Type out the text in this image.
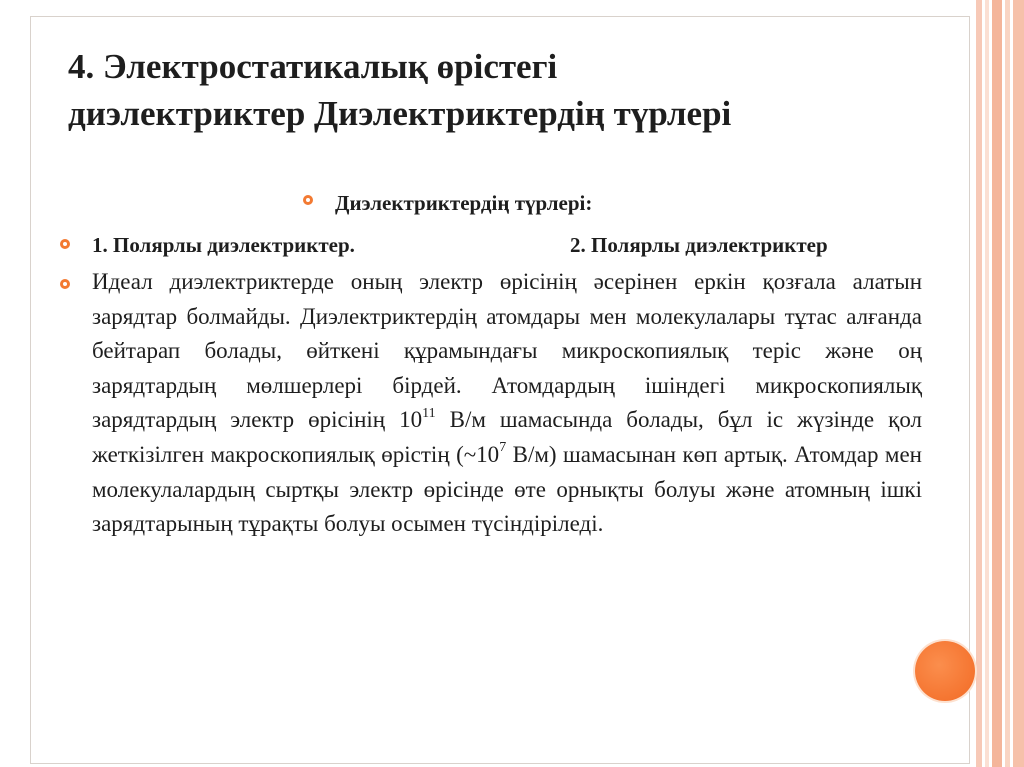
4. Электростатикалық өрістегі
диэлектриктер Диэлектриктердің түрлері
Диэлектриктердің түрлері:
1. Полярлы диэлектриктер.	2. Полярлы диэлектриктер
Идеал диэлектриктерде оның электр өрісінің әсерінен еркін қозғала алатын зарядтар болмайды. Диэлектриктердің атомдары мен молекулалары тұтас алғанда бейтарап болады, өйткені құрамындағы микроскопиялық теріс және оң зарядтардың мөлшерлері бірдей. Атомдардың ішіндегі микроскопиялық зарядтардың электр өрісінің $10^{11}$ В/м шамасында болады, бұл іс жүзінде қол жеткізілген макроскопиялық өрістің ($\sim 10^7$ В/м) шамасынан көп артық. Атомдар мен молекулалардың сыртқы электр өрісінде өте орнықты болуы және атомның ішкі зарядтарының тұрақты болуы осымен түсіндіріледі.
